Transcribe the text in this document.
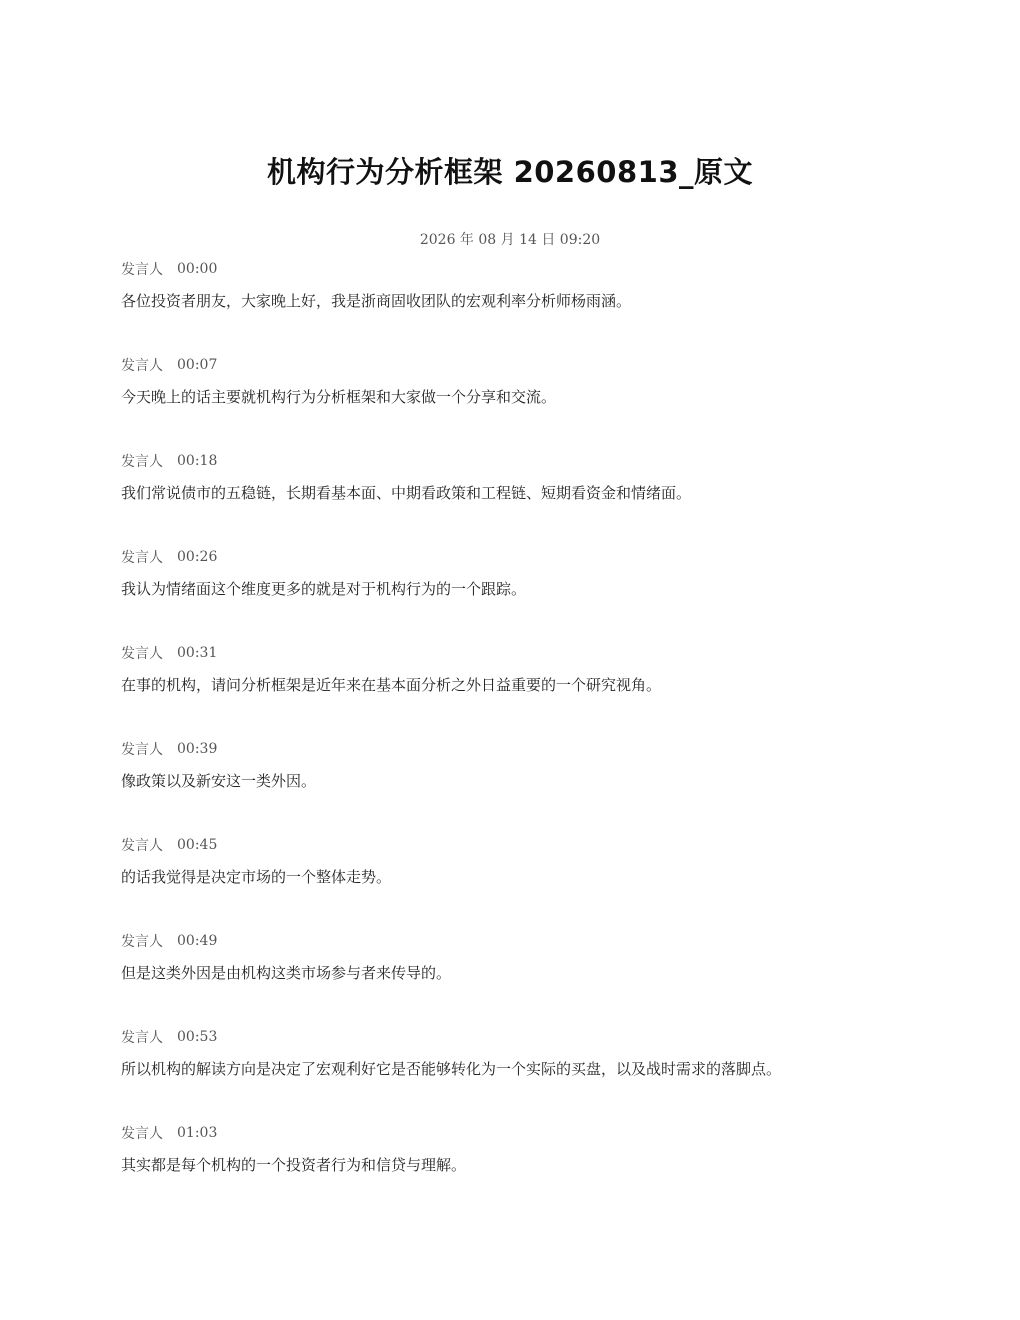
机构行为分析框架 20260813_原文
2026 年 08 月 14 日 09:20
发言人 00:00
各位投资者朋友，大家晚上好，我是浙商固收团队的宏观利率分析师杨雨涵。
发言人 00:07
今天晚上的话主要就机构行为分析框架和大家做一个分享和交流。
发言人 00:18
我们常说债市的五稳链，长期看基本面、中期看政策和工程链、短期看资金和情绪面。
发言人 00:26
我认为情绪面这个维度更多的就是对于机构行为的一个跟踪。
发言人 00:31
在事的机构，请问分析框架是近年来在基本面分析之外日益重要的一个研究视角。
发言人 00:39
像政策以及新安这一类外因。
发言人 00:45
的话我觉得是决定市场的一个整体走势。
发言人 00:49
但是这类外因是由机构这类市场参与者来传导的。
发言人 00:53
所以机构的解读方向是决定了宏观利好它是否能够转化为一个实际的买盘，以及战时需求的落脚点。
发言人 01:03
其实都是每个机构的一个投资者行为和信贷与理解。
